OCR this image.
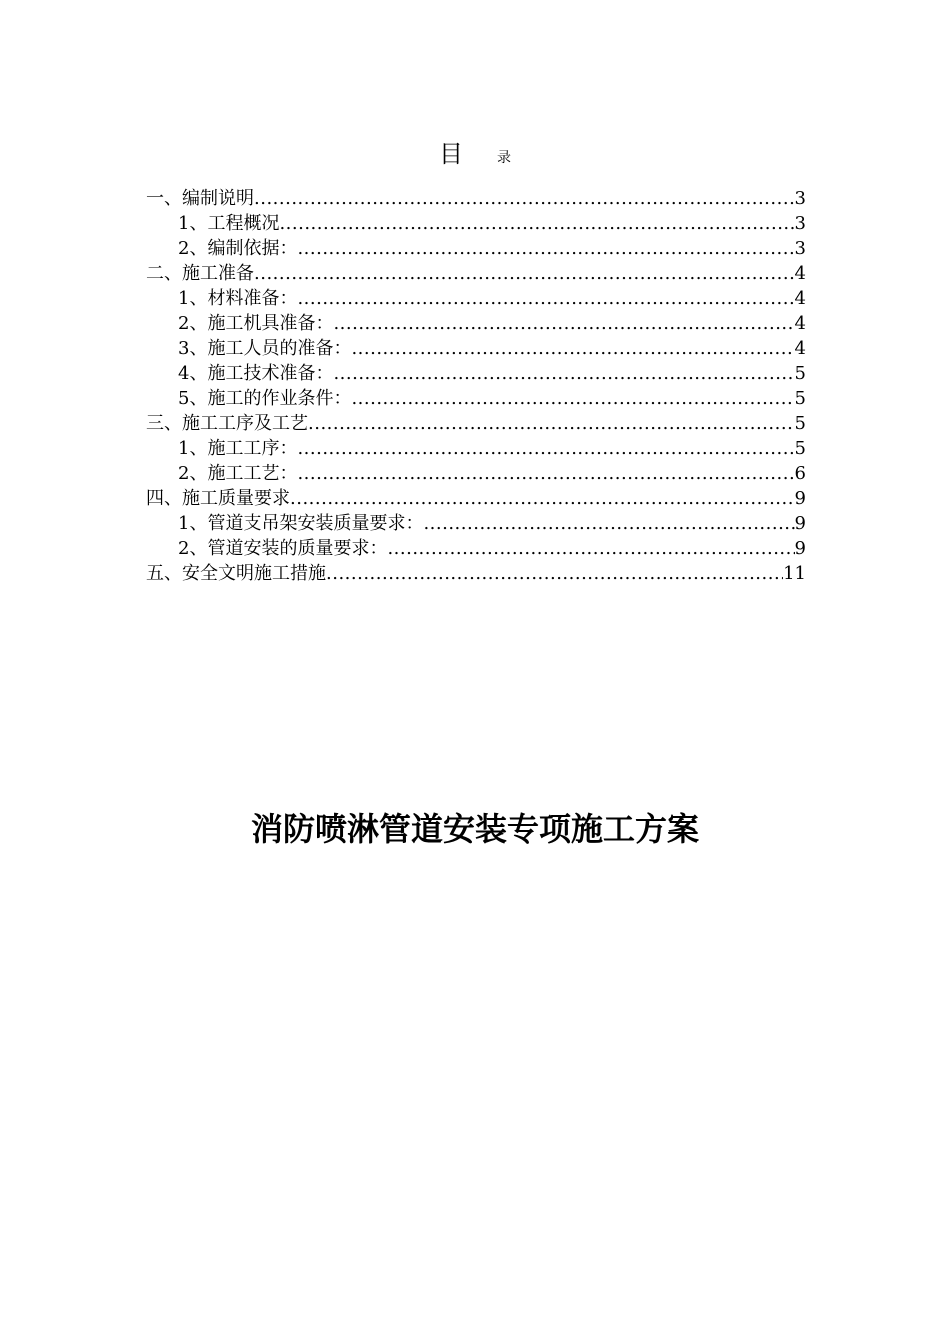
目 录
一、编制说明 .....	3
1、工程概况 .....	3
2、编制依据： .....	3
二、施工准备 .....	4
1、材料准备： .....	4
2、施工机具准备： .....	4
3、施工人员的准备： .....	4
4、施工技术准备： .....	5
5、施工的作业条件： .....	5
三、施工工序及工艺 .....	5
1、施工工序： .....	5
2、施工工艺： .....	6
四、施工质量要求 .....	9
1、管道支吊架安装质量要求： .....	9
2、管道安装的质量要求： .....	9
五、安全文明施工措施 .....	11
消防喷淋管道安装专项施工方案
